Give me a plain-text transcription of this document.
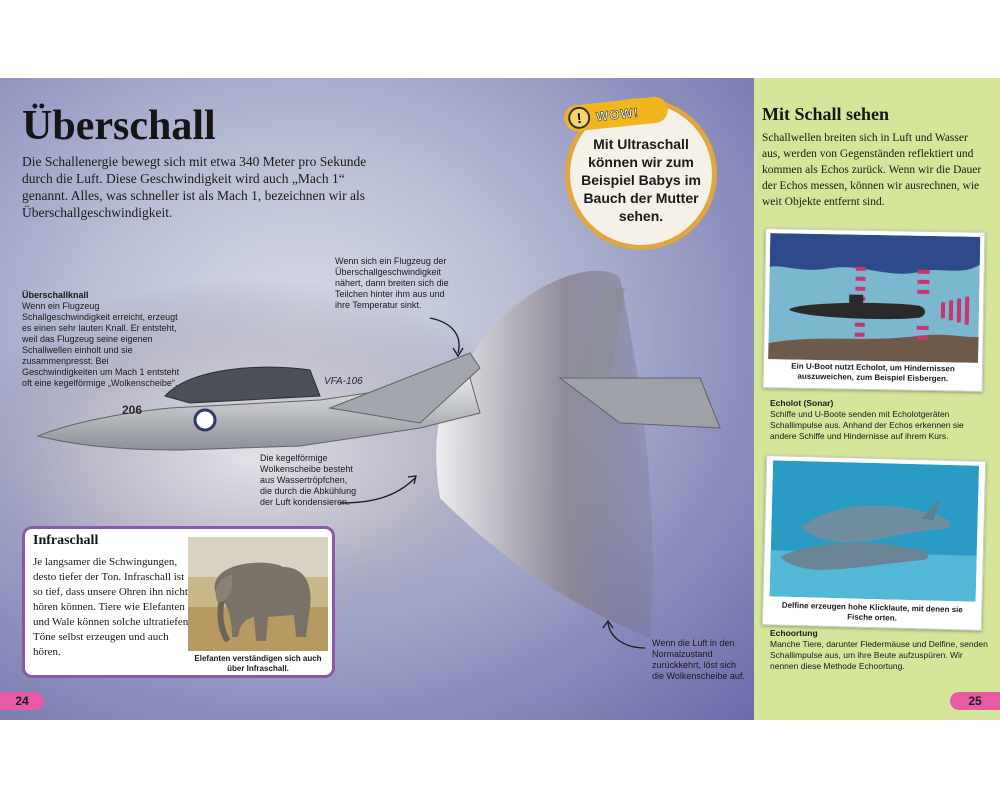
206
VFA-106
Überschall

Die Schallenergie bewegt sich mit etwa 340 Meter pro Sekunde durch die Luft. Diese Geschwindigkeit wird auch „Mach 1“ genannt. Alles, was schneller ist als Mach 1, bezeichnen wir als Überschallgeschwindigkeit.

Überschallknall
Wenn ein Flugzeug Schallgeschwindigkeit erreicht, erzeugt es einen sehr lauten Knall. Er entsteht, weil das Flugzeug seine eigenen Schallwellen einholt und sie zusammenpresst. Bei Geschwindigkeiten um Mach 1 entsteht oft eine kegelförmige „Wolkenscheibe“.
Wenn sich ein Flugzeug der Überschallgeschwindigkeit nähert, dann breiten sich die Teilchen hinter ihm aus und ihre Temperatur sinkt.
Die kegelförmige Wolkenscheibe besteht aus Wassertröpfchen, die durch die Abkühlung der Luft kondensieren.
Wenn die Luft in den Normalzustand zurückkehrt, löst sich die Wolkenscheibe auf.
! WOW!
Mit Ultraschall können wir zum Beispiel Babys im Bauch der Mutter sehen.
Infraschall

Je langsamer die Schwingungen, desto tiefer der Ton. Infraschall ist so tief, dass unsere Ohren ihn nicht hören können. Tiere wie Elefanten und Wale können solche ultratiefen Töne selbst erzeugen und auch hören.

Elefanten verständigen sich auch über Infraschall.
24
Mit Schall sehen

Schallwellen breiten sich in Luft und Wasser aus, werden von Gegenständen reflektiert und kommen als Echos zurück. Wenn wir die Dauer der Echos messen, können wir ausrechnen, wie weit Objekte entfernt sind.

Ein U-Boot nutzt Echolot, um Hindernissen auszuweichen, zum Beispiel Eisbergen.
Echolot (Sonar)
Schiffe und U-Boote senden mit Echolotgeräten Schallimpulse aus. Anhand der Echos erkennen sie andere Schiffe und Hindernisse auf ihrem Kurs.
Delfine erzeugen hohe Klicklaute, mit denen sie Fische orten.
Echoortung
Manche Tiere, darunter Fledermäuse und Delfine, senden Schallimpulse aus, um ihre Beute aufzuspüren. Wir nennen diese Methode Echoortung.
25
